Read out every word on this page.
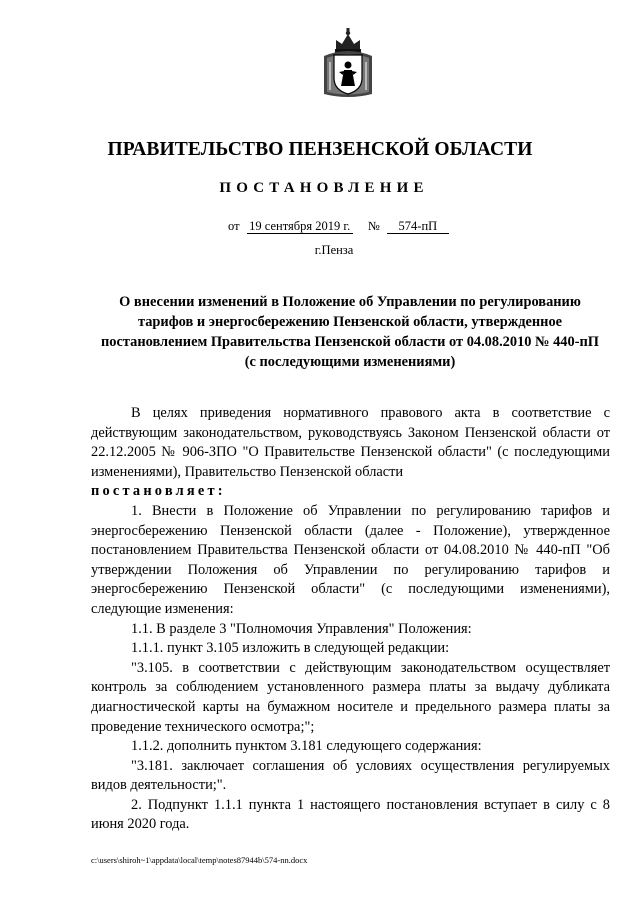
ПРАВИТЕЛЬСТВО ПЕНЗЕНСКОЙ ОБЛАСТИ
ПОСТАНОВЛЕНИЕ
от 19 сентября 2019 г. № 574-пП
г.Пенза
О внесении изменений в Положение об Управлении по регулированию тарифов и энергосбережению Пензенской области, утвержденное постановлением Правительства Пензенской области от 04.08.2010 № 440-пП (с последующими изменениями)

В целях приведения нормативного правового акта в соответствие с действующим законодательством, руководствуясь Законом Пензенской области от 22.12.2005 № 906-ЗПО "О Правительстве Пензенской области" (с последующими изменениями), Правительство Пензенской области

постановляет:

1. Внести в Положение об Управлении по регулированию тарифов и энергосбережению Пензенской области (далее - Положение), утвержденное постановлением Правительства Пензенской области от 04.08.2010 № 440-пП "Об утверждении Положения об Управлении по регулированию тарифов и энергосбережению Пензенской области" (с последующими изменениями), следующие изменения:

1.1. В разделе 3 "Полномочия Управления" Положения:

1.1.1. пункт 3.105 изложить в следующей редакции:

"3.105. в соответствии с действующим законодательством осуществляет контроль за соблюдением установленного размера платы за выдачу дубликата диагностической карты на бумажном носителе и предельного размера платы за проведение технического осмотра;";

1.1.2. дополнить пунктом 3.181 следующего содержания:

"3.181. заключает соглашения об условиях осуществления регулируемых видов деятельности;".

2. Подпункт 1.1.1 пункта 1 настоящего постановления вступает в силу с 8 июня 2020 года.

c:\users\shiroh~1\appdata\local\temp\notes87944b\574-nn.docx
